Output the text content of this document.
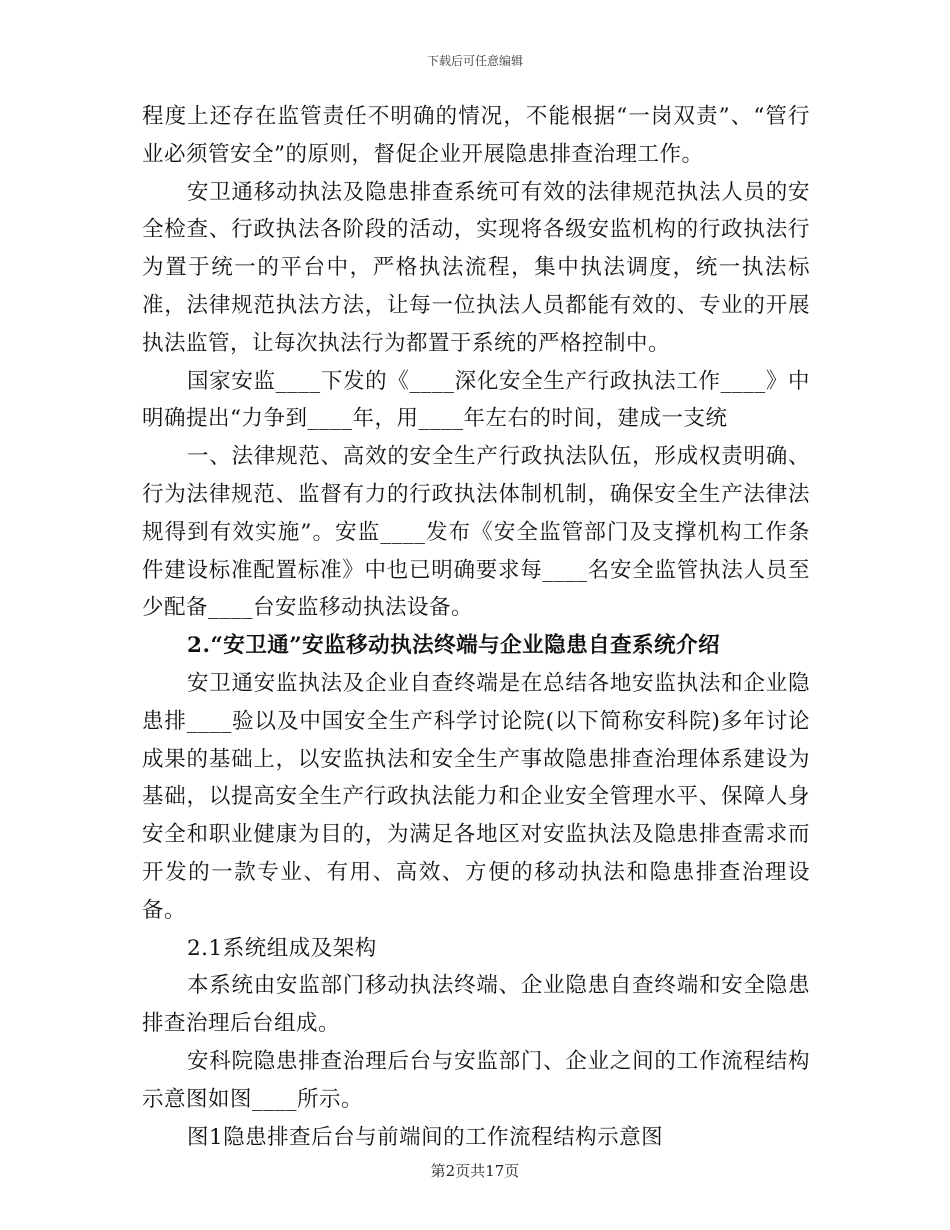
下载后可任意编辑

程度上还存在监管责任不明确的情况，不能根据“一岗双责”、“管行业必须管安全”的原则，督促企业开展隐患排查治理工作。

安卫通移动执法及隐患排查系统可有效的法律规范执法人员的安全检查、行政执法各阶段的活动，实现将各级安监机构的行政执法行为置于统一的平台中，严格执法流程，集中执法调度，统一执法标准，法律规范执法方法，让每一位执法人员都能有效的、专业的开展执法监管，让每次执法行为都置于系统的严格控制中。

国家安监____下发的《____深化安全生产行政执法工作____》中明确提出“力争到____年，用____年左右的时间，建成一支统

一、法律规范、高效的安全生产行政执法队伍，形成权责明确、行为法律规范、监督有力的行政执法体制机制，确保安全生产法律法规得到有效实施”。安监____发布《安全监管部门及支撑机构工作条件建设标准配置标准》中也已明确要求每____名安全监管执法人员至少配备____台安监移动执法设备。

2.“安卫通”安监移动执法终端与企业隐患自查系统介绍

安卫通安监执法及企业自查终端是在总结各地安监执法和企业隐患排____验以及中国安全生产科学讨论院(以下简称安科院)多年讨论成果的基础上，以安监执法和安全生产事故隐患排查治理体系建设为基础，以提高安全生产行政执法能力和企业安全管理水平、保障人身安全和职业健康为目的，为满足各地区对安监执法及隐患排查需求而开发的一款专业、有用、高效、方便的移动执法和隐患排查治理设备。

2.1系统组成及架构

本系统由安监部门移动执法终端、企业隐患自查终端和安全隐患排查治理后台组成。

安科院隐患排查治理后台与安监部门、企业之间的工作流程结构示意图如图____所示。

图1隐患排查后台与前端间的工作流程结构示意图

第2页共17页
